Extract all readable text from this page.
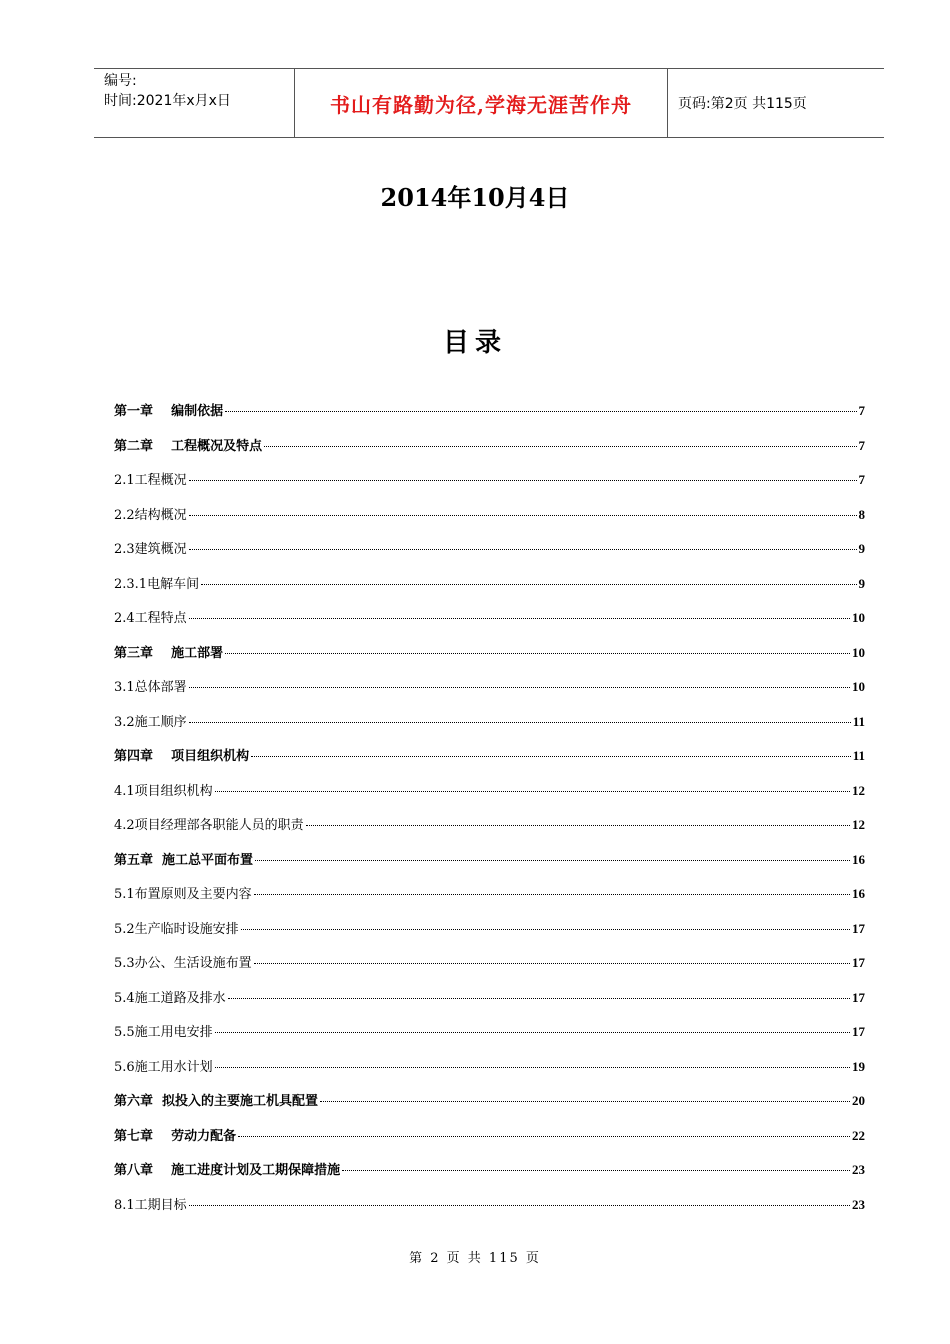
编号:
时间:2021年x月x日	书山有路勤为径,学海无涯苦作舟	页码:第2页 共115页
2014年10月4日
目录
第一章    编制依据	7
第二章    工程概况及特点	7
2.1工程概况	7
2.2结构概况	8
2.3建筑概况	9
2.3.1电解车间	9
2.4工程特点	10
第三章    施工部署	10
3.1总体部署	10
3.2施工顺序	11
第四章    项目组织机构	11
4.1项目组织机构	12
4.2项目经理部各职能人员的职责	12
第五章  施工总平面布置	16
5.1布置原则及主要内容	16
5.2生产临时设施安排	17
5.3办公、生活设施布置	17
5.4施工道路及排水	17
5.5施工用电安排	17
5.6施工用水计划	19
第六章  拟投入的主要施工机具配置	20
第七章    劳动力配备	22
第八章    施工进度计划及工期保障措施	23
8.1工期目标	23
第 2 页 共 115 页
